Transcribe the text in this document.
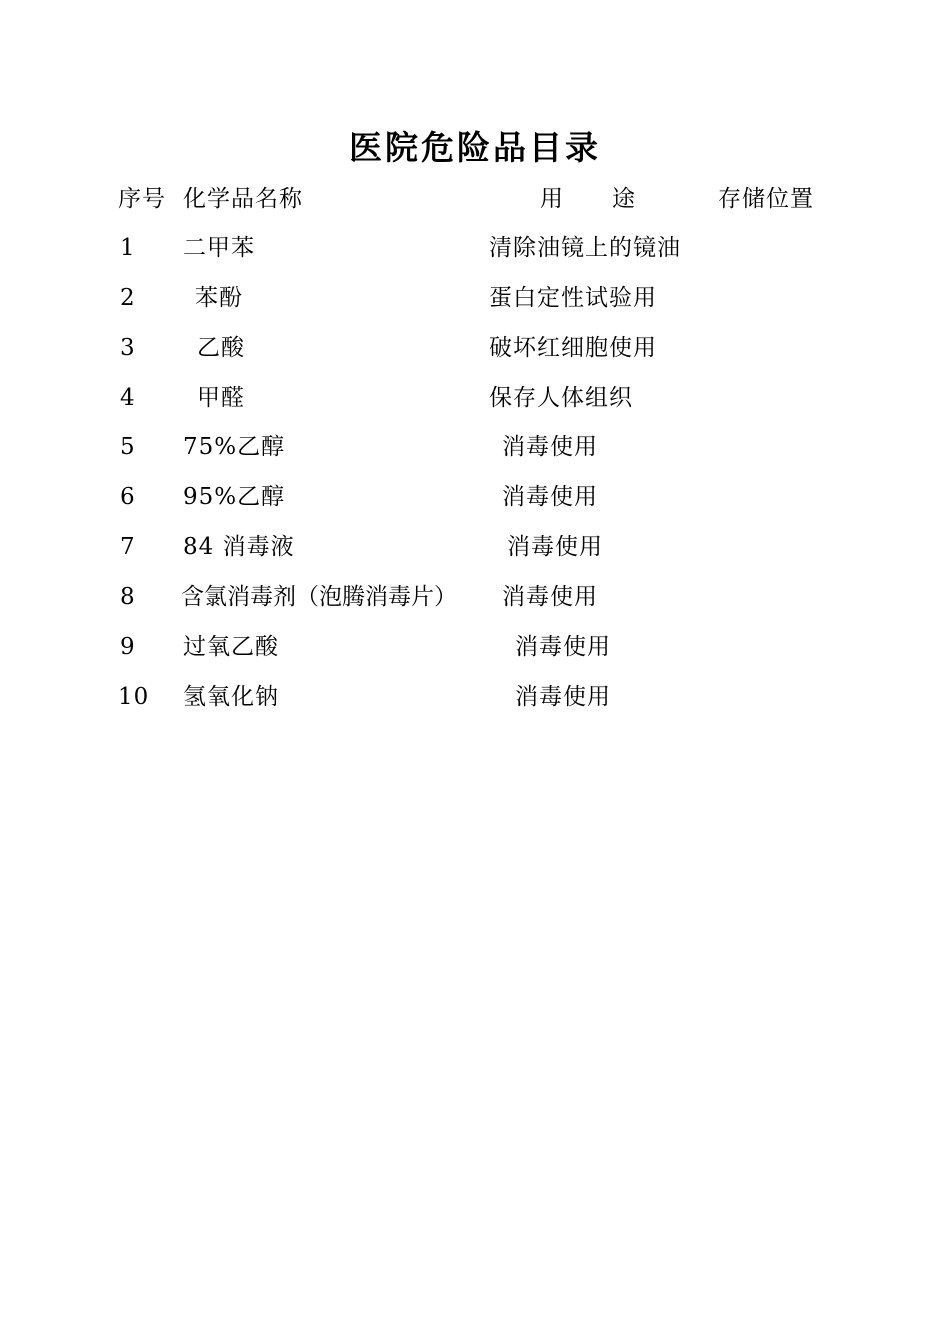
医院危险品目录
序号 化学品名称	用　　途	存储位置
1 二甲苯	清除油镜上的镜油
2	苯酚	蛋白定性试验用
3	乙酸	破坏红细胞使用
4	甲醛	保存人体组织
5 75%乙醇	消毒使用
6 95%乙醇	消毒使用
7 84 消毒液	消毒使用
8 含氯消毒剂（泡腾消毒片） 消毒使用
9 过氧乙酸	消毒使用
10 氢氧化钠	消毒使用
